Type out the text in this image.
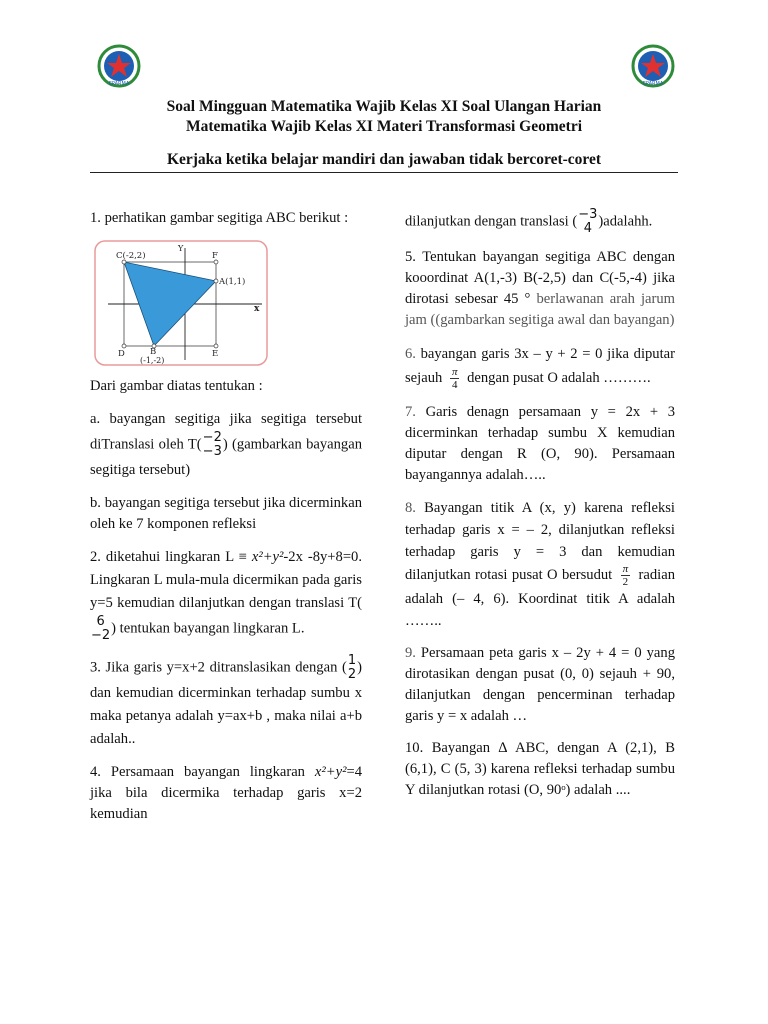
EPARMA	EPARMA
Soal Mingguan Matematika Wajib Kelas XI Soal Ulangan Harian
Matematika Wajib Kelas XI Materi Transformasi Geometri
Kerjaka ketika belajar mandiri dan jawaban tidak bercoret-coret

1. perhatikan gambar segitiga ABC berikut :

C(-2,2)	F
A(1,1)
x
Y
D	B
(-1,-2)
E

Dari gambar diatas tentukan :

a. bayangan segitiga jika segitiga tersebut diTranslasi oleh T( −2
−3 ) (gambarkan bayangan segitiga tersebut)

b. bayangan segitiga tersebut jika dicerminkan oleh ke 7 komponen refleksi

2. diketahui lingkaran L ≡ x²+y²-2x -8y+8=0. Lingkaran L mula-mula dicermikan pada garis y=5 kemudian dilanjutkan dengan translasi T(
6
−2 ) tentukan bayangan lingkaran L.

3. Jika garis y=x+2 ditranslasikan dengan ( 1
2 ) dan kemudian dicerminkan terhadap sumbu x maka petanya adalah y=ax+b , maka nilai a+b adalah..

4. Persamaan bayangan lingkaran x²+y²=4 jika bila dicermika terhadap garis x=2 kemudian

dilanjutkan dengan translasi ( −3
4 )adalahh.

5. Tentukan bayangan segitiga ABC dengan kooordinat A(1,-3) B(-2,5) dan C(-5,-4) jika dirotasi sebesar 45 ° berlawanan arah jarum jam ((gambarkan segitiga awal dan bayangan)

6. bayangan garis 3x – y + 2 = 0 jika diputar sejauh $\frac{\pi}{4}$ dengan pusat O adalah ……….

7. Garis denagn persamaan y = 2x + 3 dicerminkan terhadap sumbu X kemudian diputar dengan R (O, 90). Persamaan bayangannya adalah…..

8. Bayangan titik A (x, y) karena refleksi terhadap garis x = – 2, dilanjutkan refleksi terhadap garis y = 3 dan kemudian dilanjutkan rotasi pusat O bersudut $\frac{\pi}{2}$ radian adalah (– 4, 6). Koordinat titik A adalah ……..

9. Persamaan peta garis x – 2y + 4 = 0 yang dirotasikan dengan pusat (0, 0) sejauh + 90, dilanjutkan dengan pencerminan terhadap garis y = x adalah …

10. Bayangan ∆ ABC, dengan A (2,1), B (6,1), C (5, 3) karena refleksi terhadap sumbu Y dilanjutkan rotasi (O, 90ᵒ) adalah ....
